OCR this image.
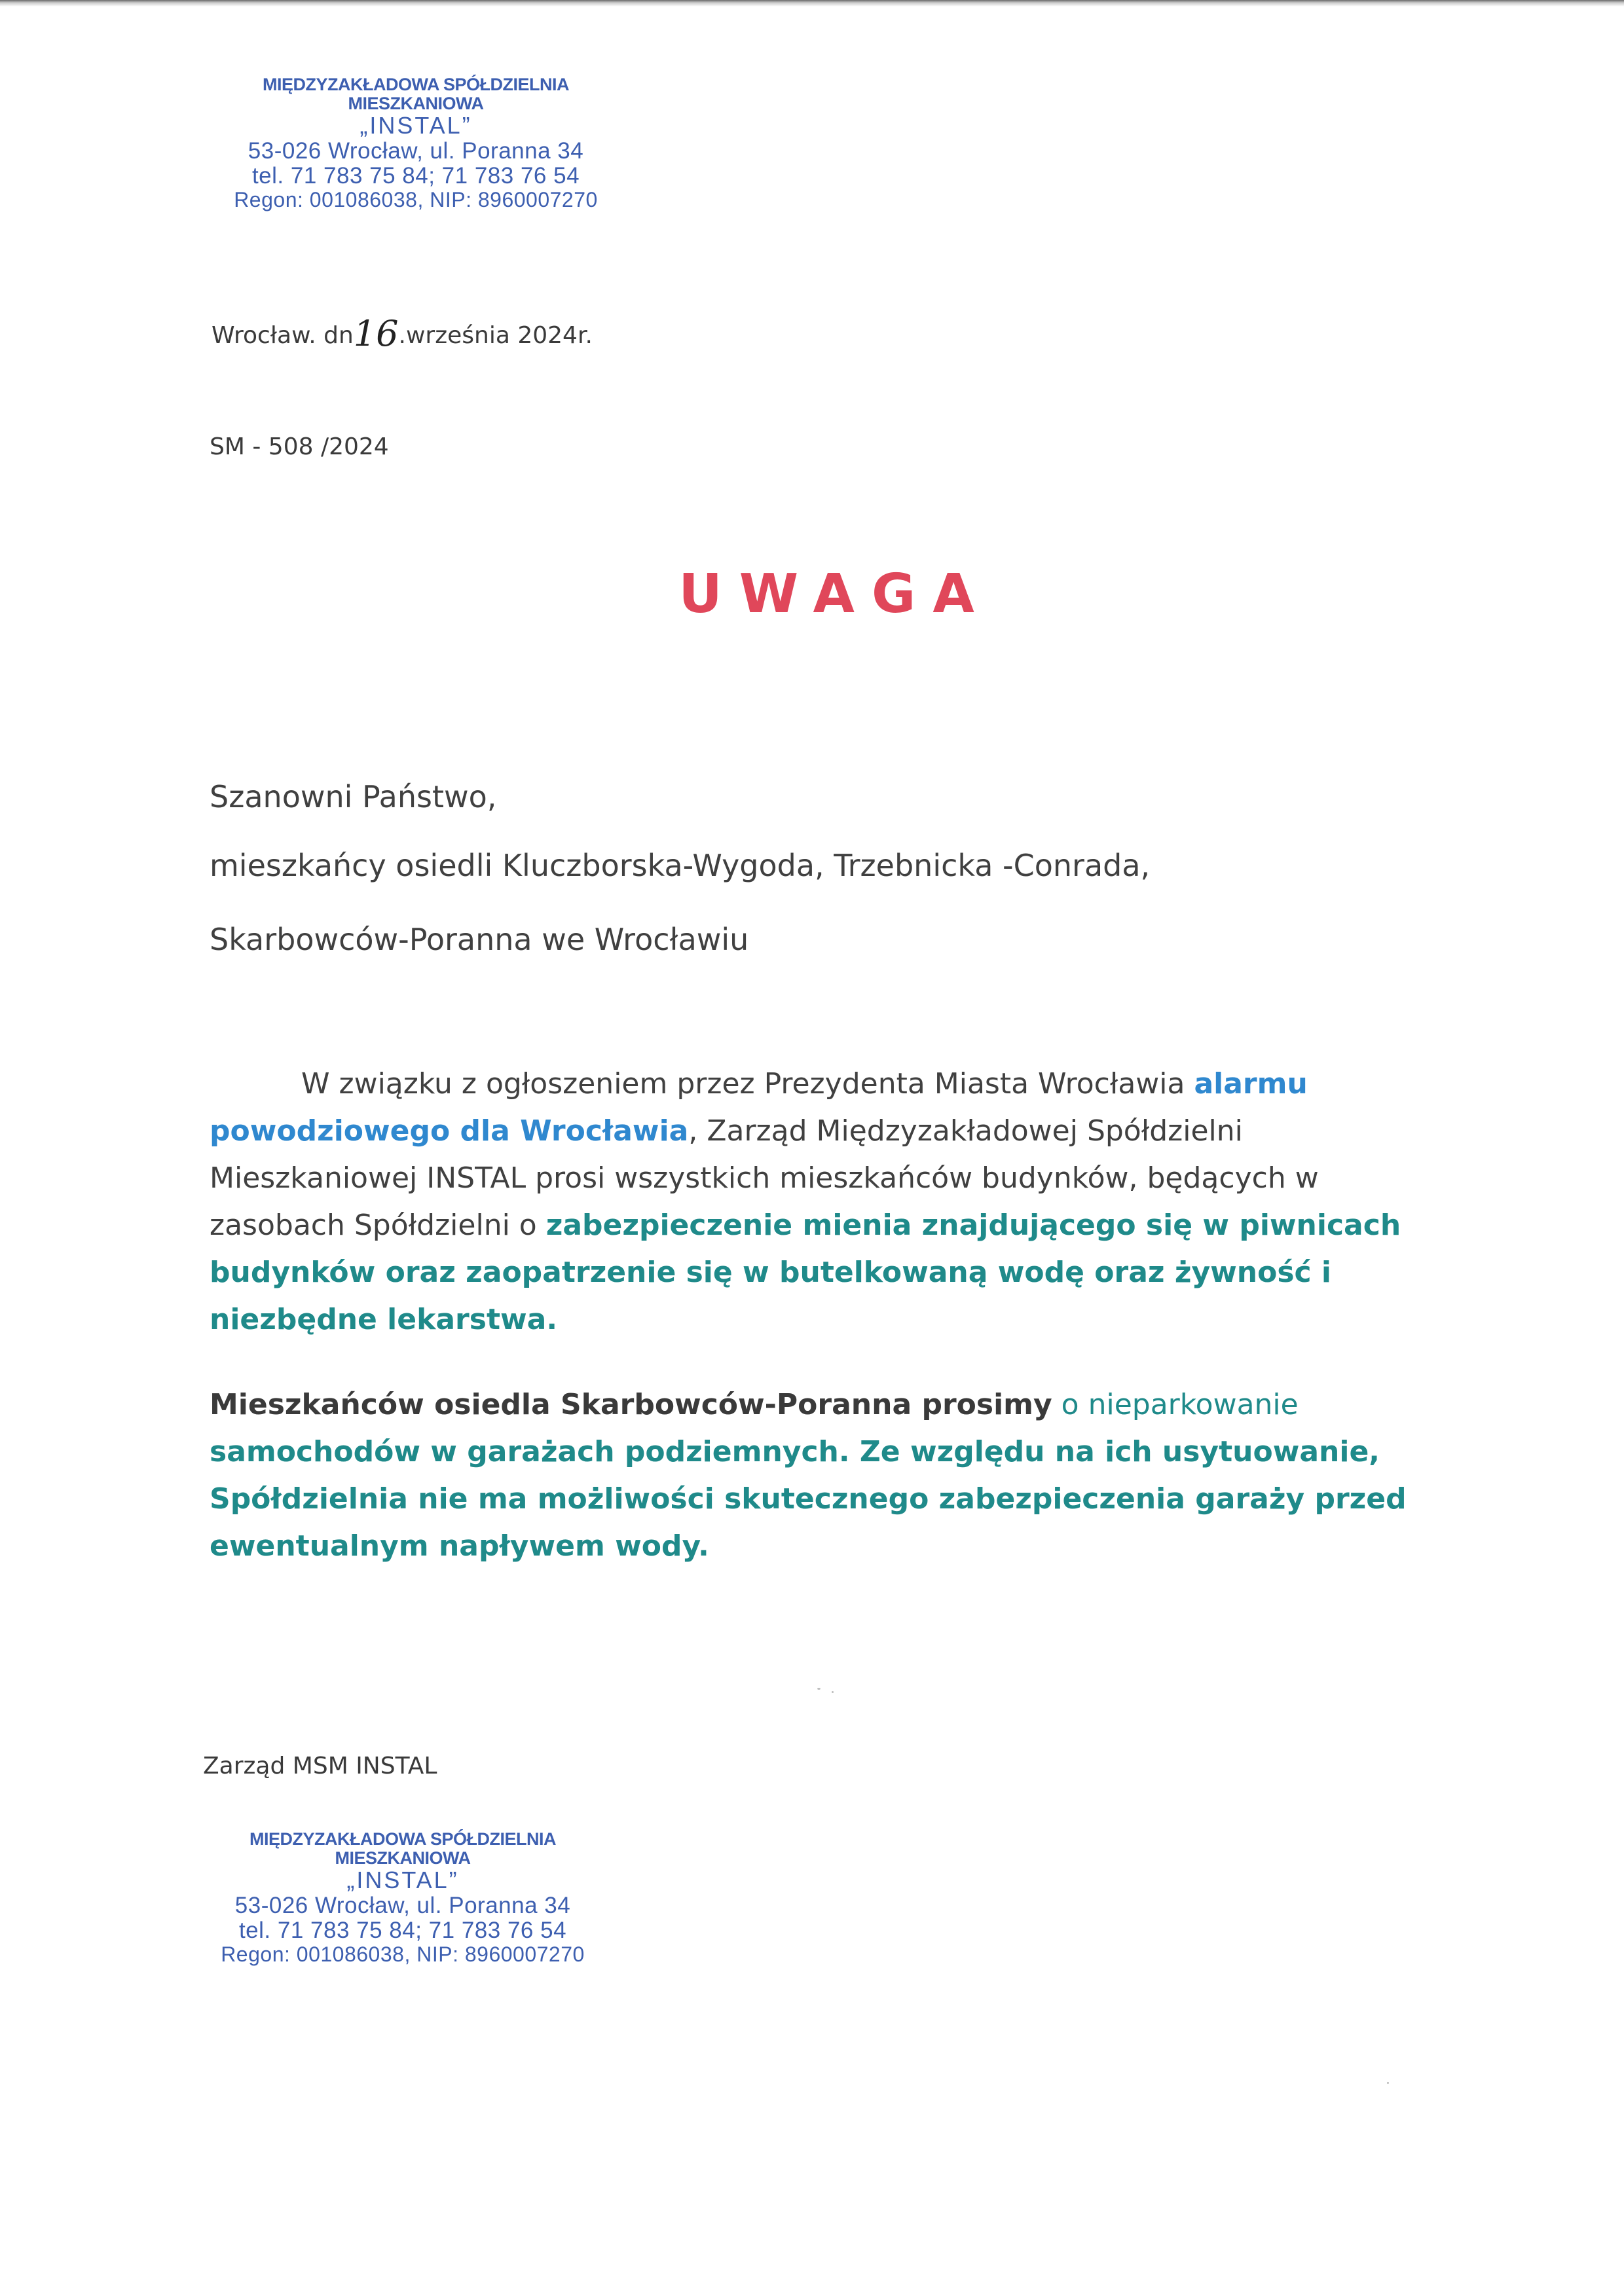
MIĘDZYZAKŁADOWA SPÓŁDZIELNIA MIESZKANIOWA
„INSTAL”
53-026 Wrocław, ul. Poranna 34
tel. 71 783 75 84; 71 783 76 54
Regon: 001086038, NIP: 8960007270
Wrocław. dn16.września 2024r.
SM - 508 /2024
UWAGA
Szanowni Państwo,
mieszkańcy osiedli Kluczborska-Wygoda, Trzebnicka -Conrada,
Skarbowców-Poranna we Wrocławiu
W związku z ogłoszeniem przez Prezydenta Miasta Wrocławia alarmu powodziowego dla Wrocławia, Zarząd Międzyzakładowej Spółdzielni Mieszkaniowej INSTAL prosi wszystkich mieszkańców budynków, będących w zasobach Spółdzielni o zabezpieczenie mienia znajdującego się w piwnicach budynków oraz zaopatrzenie się w butelkowaną wodę oraz żywność i niezbędne lekarstwa.
Mieszkańców osiedla Skarbowców-Poranna prosimy o nieparkowanie samochodów w garażach podziemnych. Ze względu na ich usytuowanie, Spółdzielnia nie ma możliwości skutecznego zabezpieczenia garaży przed ewentualnym napływem wody.
Zarząd MSM INSTAL
MIĘDZYZAKŁADOWA SPÓŁDZIELNIA MIESZKANIOWA
„INSTAL”
53-026 Wrocław, ul. Poranna 34
tel. 71 783 75 84; 71 783 76 54
Regon: 001086038, NIP: 8960007270
